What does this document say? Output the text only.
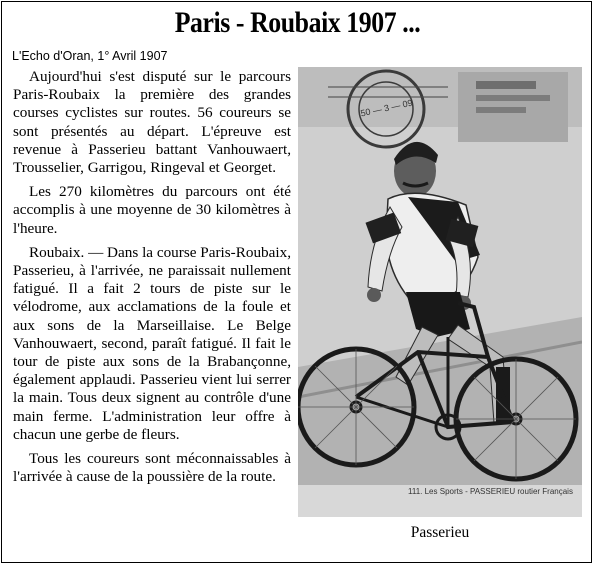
Paris - Roubaix 1907 ...
L'Echo d'Oran, 1° Avril 1907

Aujourd'hui s'est disputé sur le parcours Paris-Roubaix la première des grandes courses cyclistes sur routes. 56 coureurs se sont présentés au départ. L'épreuve est revenue à Passerieu battant Vanhouwaert, Trousselier, Garrigou, Ringeval et Georget.

Les 270 kilomètres du parcours ont été accomplis à une moyenne de 30 kilomètres à l'heure.

Roubaix. — Dans la course Paris-Roubaix, Passerieu, à l'arrivée, ne paraissait nullement fatigué. Il a fait 2 tours de piste sur le vélodrome, aux acclamations de la foule et aux sons de la Marseillaise. Le Belge Vanhouwaert, second, paraît fatigué. Il fait le tour de piste aux sons de la Brabançonne, également applaudi. Passerieu vient lui serrer la main. Tous deux signent au contrôle d'une main ferme. L'administration leur offre à chacun une gerbe de fleurs.

Tous les coureurs sont méconnaissables à l'arrivée à cause de la poussière de la route.

111. Les Sports - PASSERIEU routier Français
50 — 3 — 09
Passerieu
